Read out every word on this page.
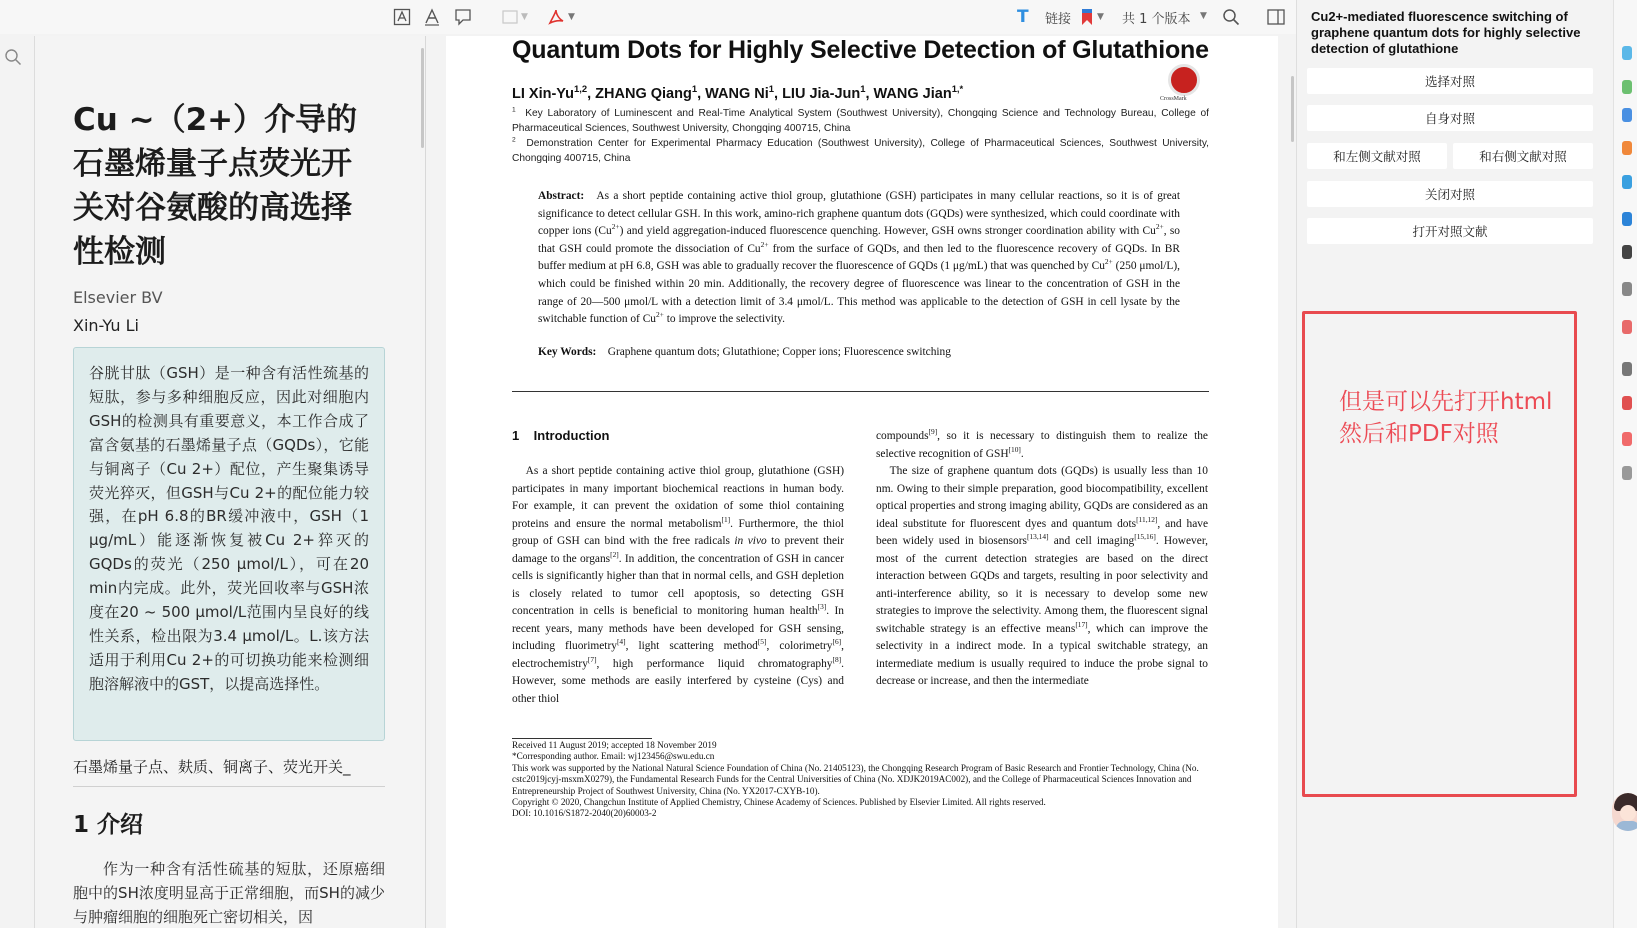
▼	▼	T 链接	▼ 共 1 个版本 ▼
Cu ~（2+）介导的石墨烯量子点荧光开关对谷氨酸的高选择性检测
Elsevier BV
Xin-Yu Li
谷胱甘肽（GSH）是一种含有活性巯基的短肽，参与多种细胞反应，因此对细胞内GSH的检测具有重要意义，本工作合成了富含氨基的石墨烯量子点（GQDs），它能与铜离子（Cu 2+）配位，产生聚集诱导荧光猝灭，但GSH与Cu 2+的配位能力较强，在pH 6.8的BR缓冲液中，GSH（1 μg/mL）能逐渐恢复被Cu 2+猝灭的GQDs的荧光（250 μmol/L），可在20 min内完成。此外，荧光回收率与GSH浓度在20 ~ 500 μmol/L范围内呈良好的线性关系，检出限为3.4 μmol/L。L.该方法适用于利用Cu 2+的可切换功能来检测细胞溶解液中的GST，以提高选择性。
石墨烯量子点、麸质、铜离子、荧光开关_
1 介绍
作为一种含有活性硫基的短肽，还原癌细胞中的SH浓度明显高于正常细胞，而SH的减少与肿瘤细胞的细胞死亡密切相关，因
Quantum Dots for Highly Selective Detection of Glutathione
CrossMark
LI Xin-Yu$^{1,2}$, ZHANG Qiang$^1$, WANG Ni$^1$, LIU Jia-Jun$^1$, WANG Jian$^{1,*}$
$^1$  Key Laboratory of Luminescent and Real-Time Analytical System (Southwest University), Chongqing Science and Technology Bureau, College of Pharmaceutical Sciences, Southwest University, Chongqing 400715, China
$^2$  Demonstration Center for Experimental Pharmacy Education (Southwest University), College of Pharmaceutical Sciences, Southwest University, Chongqing 400715, China
Abstract:   As a short peptide containing active thiol group, glutathione (GSH) participates in many cellular reactions, so it is of great significance to detect cellular GSH. In this work, amino-rich graphene quantum dots (GQDs) were synthesized, which could coordinate with copper ions $(Cu^{2+})$ and yield aggregation-induced fluorescence quenching. However, GSH owns stronger coordination ability with $Cu^{2+}$, so that GSH could promote the dissociation of $Cu^{2+}$ from the surface of GQDs, and then led to the fluorescence recovery of GQDs. In BR buffer medium at pH 6.8, GSH was able to gradually recover the fluorescence of GQDs (1 μg/mL) that was quenched by $Cu^{2+}$ (250 μmol/L), which could be finished within 20 min. Additionally, the recovery degree of fluorescence was linear to the concentration of GSH in the range of 20—500 μmol/L with a detection limit of 3.4 μmol/L. This method was applicable to the detection of GSH in cell lysate by the switchable function of $Cu^{2+}$ to improve the selectivity.
Key Words:    Graphene quantum dots; Glutathione; Copper ions; Fluorescence switching
1    Introduction
As a short peptide containing active thiol group, glutathione (GSH) participates in many important biochemical reactions in human body. For example, it can prevent the oxidation of some thiol containing proteins and ensure the normal metabolism[1]. Furthermore, the thiol group of GSH can bind with the free radicals in vivo to prevent their damage to the organs[2]. In addition, the concentration of GSH in cancer cells is significantly higher than that in normal cells, and GSH depletion is closely related to tumor cell apoptosis, so detecting GSH concentration in cells is beneficial to monitoring human health[3]. In recent years, many methods have been developed for GSH sensing, including fluorimetry[4], light scattering method[5], colorimetry[6], electrochemistry[7], high performance liquid chromatography[8]. However, some methods are easily interfered by cysteine (Cys) and other thiol
compounds[9], so it is necessary to distinguish them to realize the selective recognition of GSH[10].
The size of graphene quantum dots (GQDs) is usually less than 10 nm. Owing to their simple preparation, good biocompatibility, excellent optical properties and strong imaging ability, GQDs are considered as an ideal substitute for fluorescent dyes and quantum dots[11,12], and have been widely used in biosensors[13,14] and cell imaging[15,16]. However, most of the current detection strategies are based on the direct interaction between GQDs and targets, resulting in poor selectivity and anti-interference ability, so it is necessary to develop some new strategies to improve the selectivity. Among them, the fluorescent signal switchable strategy is an effective means[17], which can improve the selectivity in a indirect mode. In a typical switchable strategy, an intermediate medium is usually required to induce the probe signal to decrease or increase, and then the intermediate
Received 11 August 2019; accepted 18 November 2019
*Corresponding author. Email: wj123456@swu.edu.cn
This work was supported by the National Natural Science Foundation of China (No. 21405123), the Chongqing Research Program of Basic Research and Frontier Technology, China (No. cstc2019jcyj-msxmX0279), the Fundamental Research Funds for the Central Universities of China (No. XDJK2019AC002), and the College of Pharmaceutical Sciences Innovation and Entrepreneurship Project of Southwest University, China (No. YX2017-CXYB-10).
Copyright © 2020, Changchun Institute of Applied Chemistry, Chinese Academy of Sciences. Published by Elsevier Limited. All rights reserved.
DOI: 10.1016/S1872-2040(20)60003-2
Cu2+-mediated fluorescence switching of graphene quantum dots for highly selective detection of glutathione
选择对照
自身对照
和左侧文献对照	和右侧文献对照
关闭对照
打开对照文献
但是可以先打开html然后和PDF对照
